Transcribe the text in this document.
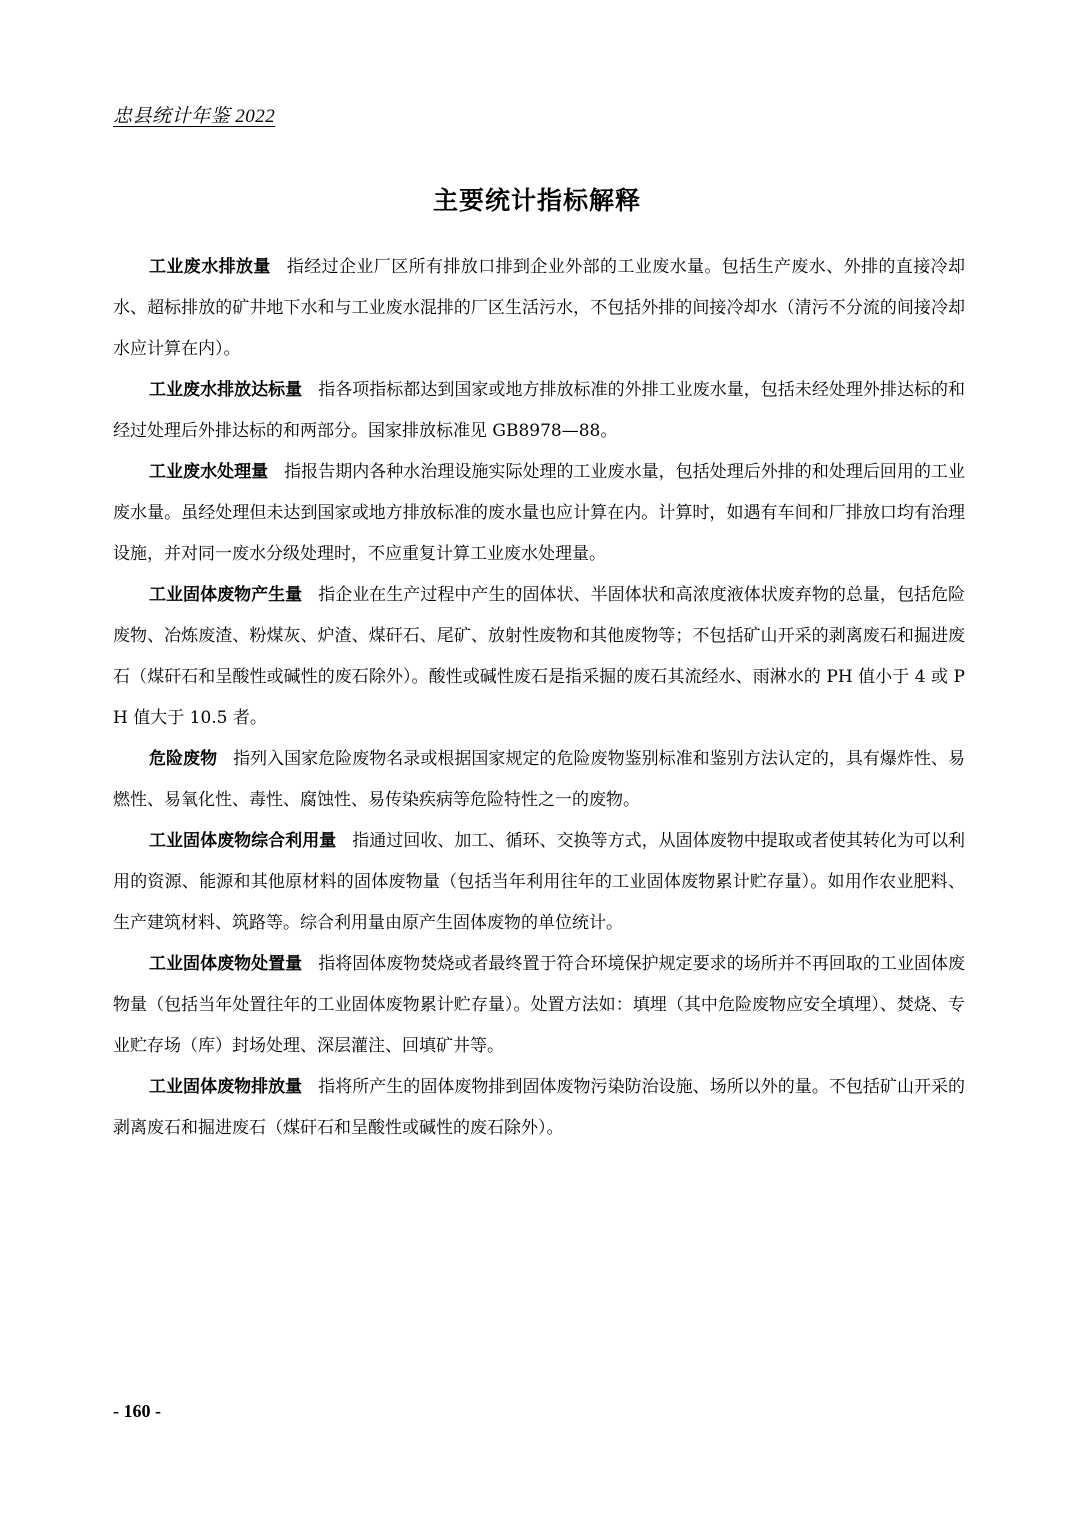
忠县统计年鉴 2022
主要统计指标解释

工业废水排放量 指经过企业厂区所有排放口排到企业外部的工业废水量。包括生产废水、外排的直接冷却水、超标排放的矿井地下水和与工业废水混排的厂区生活污水，不包括外排的间接冷却水（清污不分流的间接冷却水应计算在内）。

工业废水排放达标量 指各项指标都达到国家或地方排放标准的外排工业废水量，包括未经处理外排达标的和经过处理后外排达标的和两部分。国家排放标准见 GB8978—88。

工业废水处理量 指报告期内各种水治理设施实际处理的工业废水量，包括处理后外排的和处理后回用的工业废水量。虽经处理但未达到国家或地方排放标准的废水量也应计算在内。计算时，如遇有车间和厂排放口均有治理设施，并对同一废水分级处理时，不应重复计算工业废水处理量。

工业固体废物产生量 指企业在生产过程中产生的固体状、半固体状和高浓度液体状废弃物的总量，包括危险废物、冶炼废渣、粉煤灰、炉渣、煤矸石、尾矿、放射性废物和其他废物等；不包括矿山开采的剥离废石和掘进废石（煤矸石和呈酸性或碱性的废石除外）。酸性或碱性废石是指采掘的废石其流经水、雨淋水的 PH 值小于 4 或 PH 值大于 10.5 者。

危险废物 指列入国家危险废物名录或根据国家规定的危险废物鉴别标准和鉴别方法认定的，具有爆炸性、易燃性、易氧化性、毒性、腐蚀性、易传染疾病等危险特性之一的废物。

工业固体废物综合利用量 指通过回收、加工、循环、交换等方式，从固体废物中提取或者使其转化为可以利用的资源、能源和其他原材料的固体废物量（包括当年利用往年的工业固体废物累计贮存量）。如用作农业肥料、生产建筑材料、筑路等。综合利用量由原产生固体废物的单位统计。

工业固体废物处置量 指将固体废物焚烧或者最终置于符合环境保护规定要求的场所并不再回取的工业固体废物量（包括当年处置往年的工业固体废物累计贮存量）。处置方法如：填埋（其中危险废物应安全填埋）、焚烧、专业贮存场（库）封场处理、深层灌注、回填矿井等。

工业固体废物排放量 指将所产生的固体废物排到固体废物污染防治设施、场所以外的量。不包括矿山开采的剥离废石和掘进废石（煤矸石和呈酸性或碱性的废石除外）。

- 160 -
